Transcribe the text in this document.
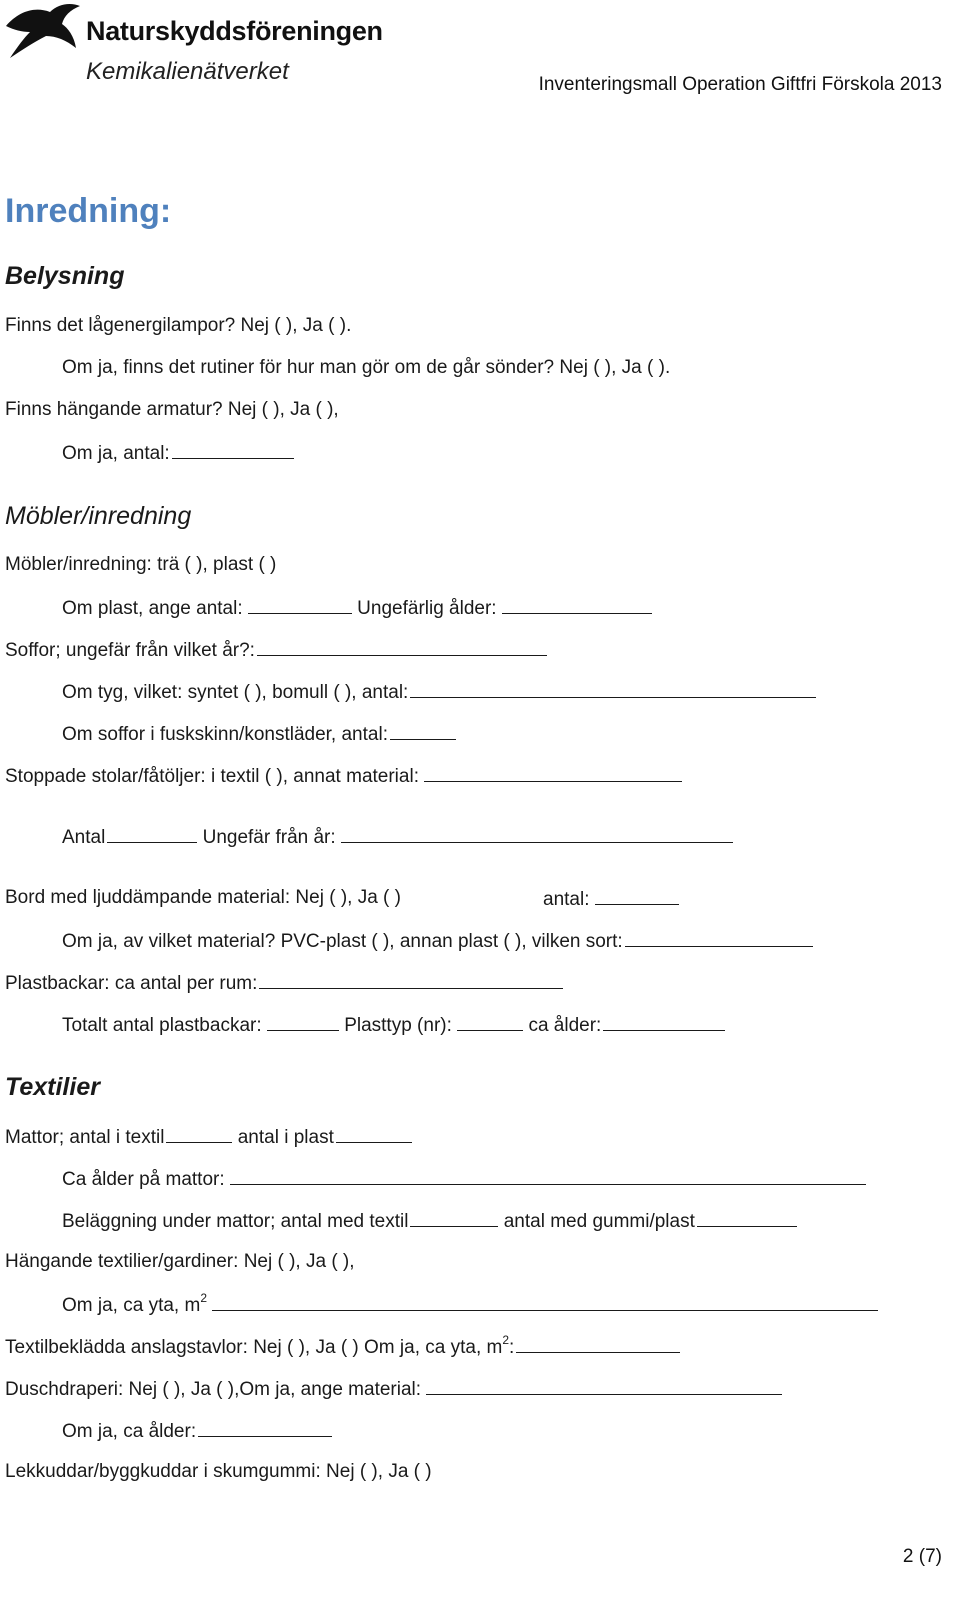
Naturskyddsföreningen
Kemikalienätverket	Inventeringsmall Operation Giftfri Förskola 2013
Inredning:
Belysning
Finns det lågenergilampor? Nej ( ), Ja ( ).
Om ja, finns det rutiner för hur man gör om de går sönder? Nej ( ), Ja ( ).
Finns hängande armatur? Nej ( ), Ja ( ),
Om ja, antal:
Möbler/inredning
Möbler/inredning: trä ( ), plast ( )
Om plast, ange antal:	Ungefärlig ålder:
Soffor; ungefär från vilket år?:
Om tyg, vilket: syntet ( ), bomull ( ), antal:
Om soffor i fuskskinn/konstläder, antal:
Stoppade stolar/fåtöljer: i textil ( ), annat material:
Antal	Ungefär från år:
Bord med ljuddämpande material: Nej ( ), Ja ( )	antal:
Om ja, av vilket material? PVC-plast ( ), annan plast ( ), vilken sort:
Plastbackar: ca antal per rum:
Totalt antal plastbackar:	Plasttyp (nr):	ca ålder:
Textilier
Mattor; antal i textil	antal i plast
Ca ålder på mattor:
Beläggning under mattor; antal med textil	antal med gummi/plast
Hängande textilier/gardiner: Nej ( ), Ja ( ),
Om ja, ca yta, $m^2$
Textilbeklädda anslagstavlor: Nej ( ), Ja ( ) Om ja, ca yta, $m^2$:
Duschdraperi: Nej ( ), Ja ( ),Om ja, ange material:
Om ja, ca ålder:
Lekkuddar/byggkuddar i skumgummi: Nej ( ), Ja ( )
2 (7)
